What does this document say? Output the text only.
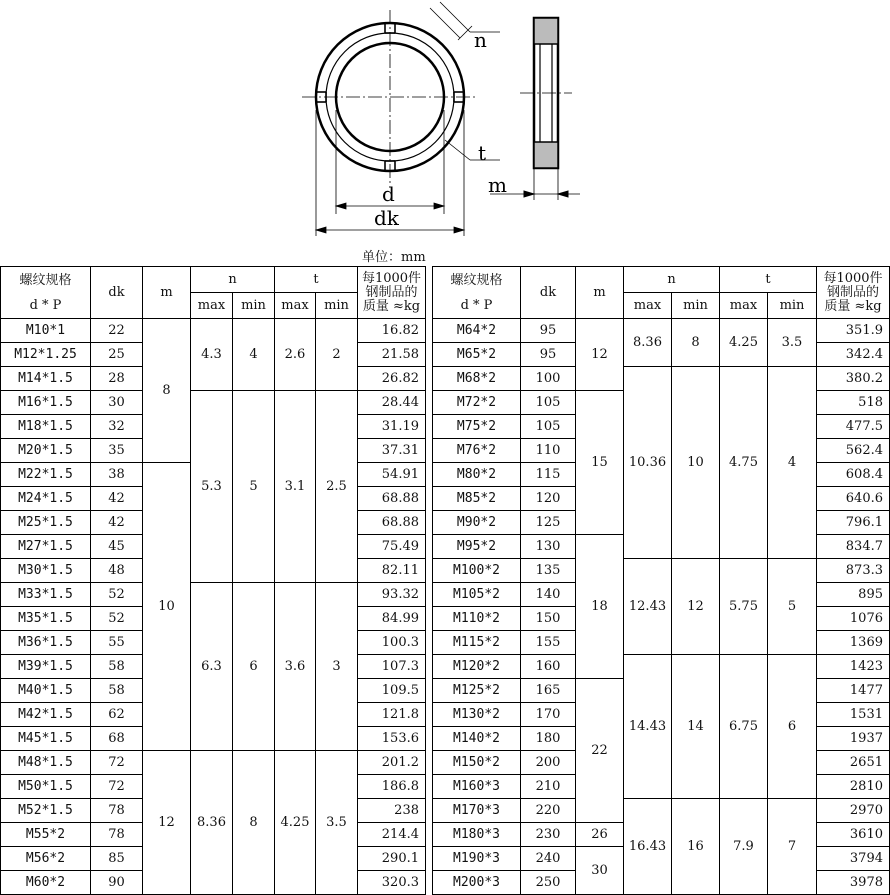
n
t
m
d
dk
单位：mm
螺纹规格
d * P	dk	m	n		t		每1000件
钢制品的
质量 ≈kg

			max	min	max	min	
M10*1	22	8	4.3	4	2.6	2	16.82
M12*1.25	25						21.58
M14*1.5	28						26.82
M16*1.5	30		5.3	5	3.1	2.5	28.44
M18*1.5	32						31.19
M20*1.5	35						37.31
M22*1.5	38	10					54.91
M24*1.5	42						68.88
M25*1.5	42						68.88
M27*1.5	45						75.49
M30*1.5	48						82.11
M33*1.5	52		6.3	6	3.6	3	93.32
M35*1.5	52						84.99
M36*1.5	55						100.3
M39*1.5	58						107.3
M40*1.5	58						109.5
M42*1.5	62						121.8
M45*1.5	68						153.6
M48*1.5	72	12	8.36	8	4.25	3.5	201.2
M50*1.5	72						186.8
M52*1.5	78						238
M55*2	78						214.4
M56*2	85						290.1
M60*2	90						320.3
螺纹规格
d * P	dk	m	n		t		每1000件
钢制品的
质量 ≈kg

			max	min	max	min	
M64*2	95	12	8.36	8	4.25	3.5	351.9
M65*2	95						342.4
M68*2	100		10.36	10	4.75	4	380.2
M72*2	105	15					518
M75*2	105						477.5
M76*2	110						562.4
M80*2	115						608.4
M85*2	120						640.6
M90*2	125						796.1
M95*2	130	18					834.7
M100*2	135		12.43	12	5.75	5	873.3
M105*2	140						895
M110*2	150						1076
M115*2	155						1369
M120*2	160		14.43	14	6.75	6	1423
M125*2	165	22					1477
M130*2	170						1531
M140*2	180						1937
M150*2	200						2651
M160*3	210						2810
M170*3	220		16.43	16	7.9	7	2970
M180*3	230	26					3610
M190*3	240	30					3794
M200*3	250						3978
